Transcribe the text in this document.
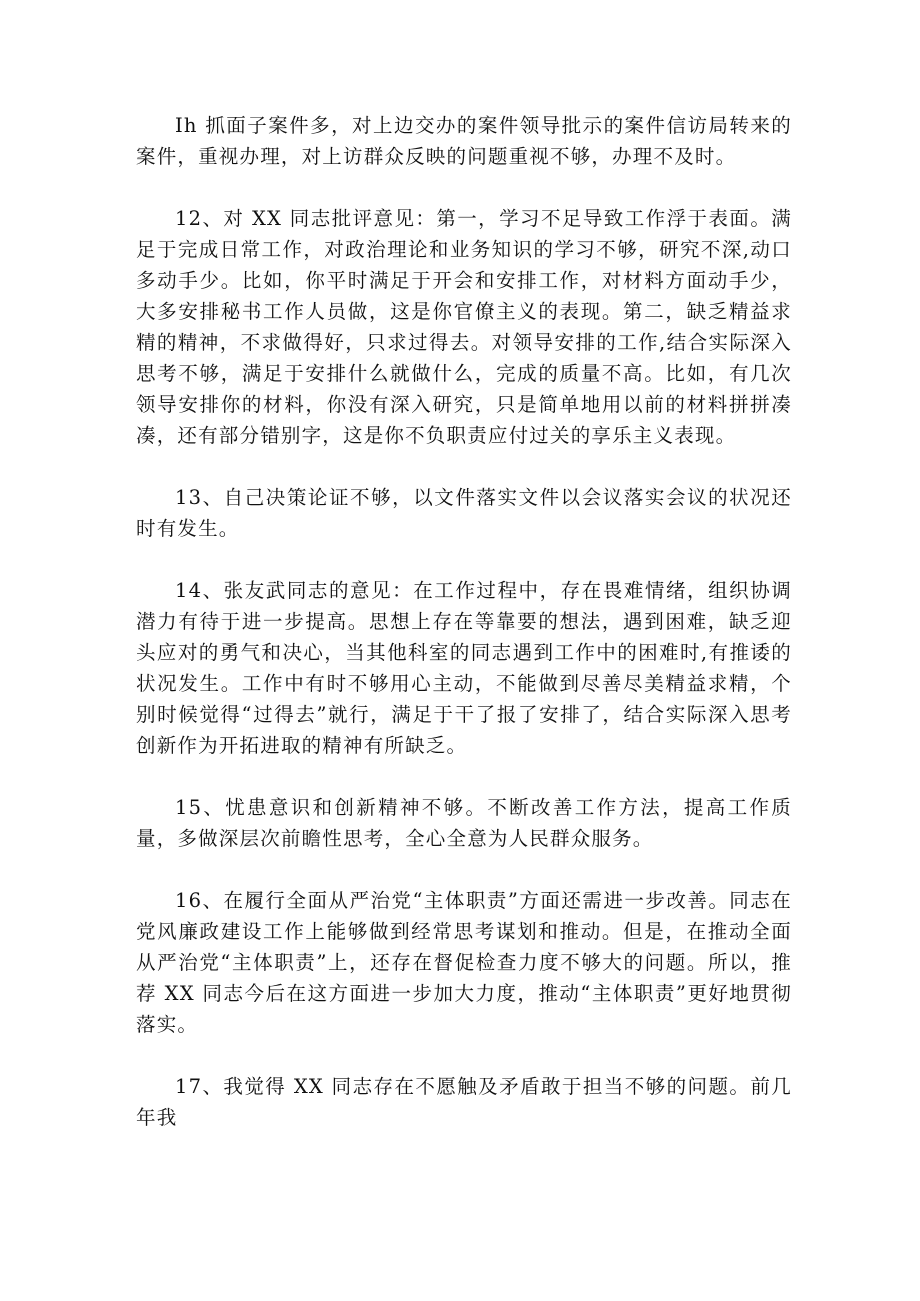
Ih 抓面子案件多，对上边交办的案件领导批示的案件信访局转来的案件，重视办理，对上访群众反映的问题重视不够，办理不及时。

12、对 XX 同志批评意见：第一，学习不足导致工作浮于表面。满足于完成日常工作，对政治理论和业务知识的学习不够，研究不深,动口多动手少。比如，你平时满足于开会和安排工作，对材料方面动手少，大多安排秘书工作人员做，这是你官僚主义的表现。第二，缺乏精益求精的精神，不求做得好，只求过得去。对领导安排的工作,结合实际深入思考不够，满足于安排什么就做什么，完成的质量不高。比如，有几次领导安排你的材料，你没有深入研究，只是简单地用以前的材料拼拼凑凑，还有部分错别字，这是你不负职责应付过关的享乐主义表现。

13、自己决策论证不够，以文件落实文件以会议落实会议的状况还时有发生。

14、张友武同志的意见：在工作过程中，存在畏难情绪，组织协调潜力有待于进一步提高。思想上存在等靠要的想法，遇到困难，缺乏迎头应对的勇气和决心，当其他科室的同志遇到工作中的困难时,有推诿的状况发生。工作中有时不够用心主动，不能做到尽善尽美精益求精，个别时候觉得“过得去”就行，满足于干了报了安排了，结合实际深入思考创新作为开拓进取的精神有所缺乏。

15、忧患意识和创新精神不够。不断改善工作方法，提高工作质量，多做深层次前瞻性思考，全心全意为人民群众服务。

16、在履行全面从严治党“主体职责”方面还需进一步改善。同志在党风廉政建设工作上能够做到经常思考谋划和推动。但是，在推动全面从严治党“主体职责”上，还存在督促检查力度不够大的问题。所以，推荐 XX 同志今后在这方面进一步加大力度，推动“主体职责”更好地贯彻落实。

17、我觉得 XX 同志存在不愿触及矛盾敢于担当不够的问题。前几年我
